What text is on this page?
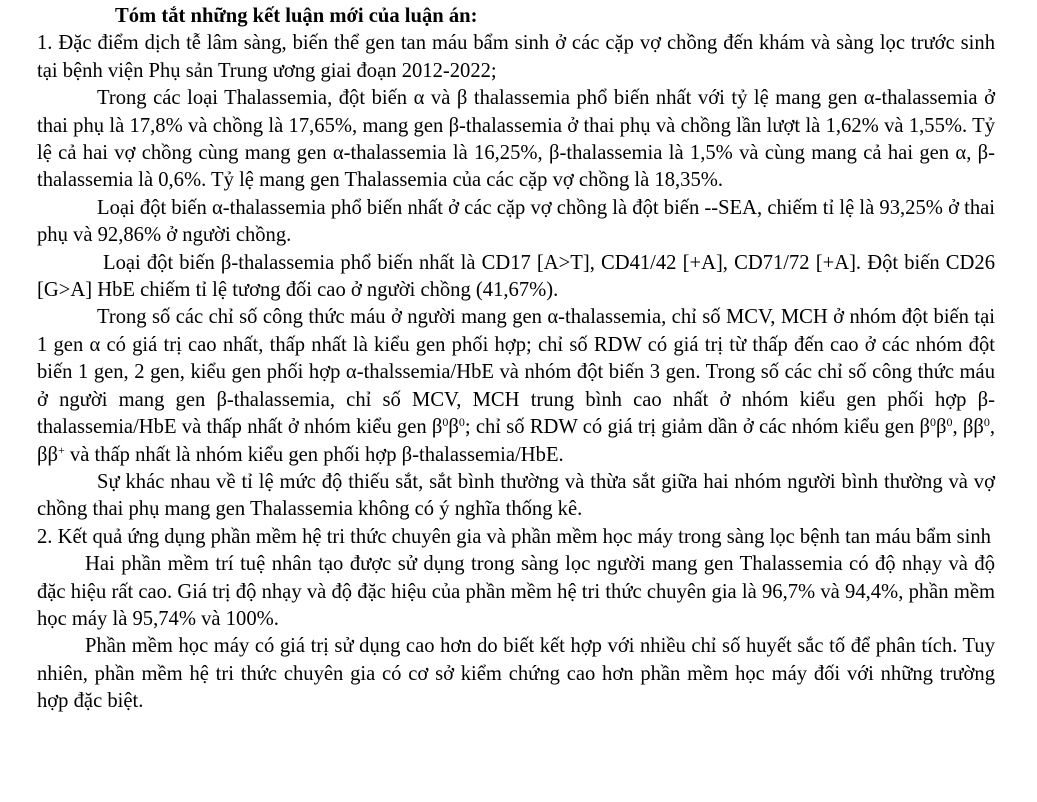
Tóm tắt những kết luận mới của luận án:

1. Đặc điểm dịch tễ lâm sàng, biến thể gen tan máu bẩm sinh ở các cặp vợ chồng đến khám và sàng lọc trước sinh tại bệnh viện Phụ sản Trung ương giai đoạn 2012-2022;

Trong các loại Thalassemia, đột biến α và β thalassemia phổ biến nhất với tỷ lệ mang gen α-thalassemia ở thai phụ là 17,8% và chồng là 17,65%, mang gen β-thalassemia ở thai phụ và chồng lần lượt là 1,62% và 1,55%. Tỷ lệ cả hai vợ chồng cùng mang gen α-thalassemia là 16,25%, β-thalassemia là 1,5% và cùng mang cả hai gen α, β-thalassemia là 0,6%. Tỷ lệ mang gen Thalassemia của các cặp vợ chồng là 18,35%.

Loại đột biến α-thalassemia phổ biến nhất ở các cặp vợ chồng là đột biến --SEA, chiếm tỉ lệ là 93,25% ở thai phụ và 92,86% ở người chồng.

Loại đột biến β-thalassemia phổ biến nhất là CD17 [A>T], CD41/42 [+A], CD71/72 [+A]. Đột biến CD26 [G>A] HbE chiếm tỉ lệ tương đối cao ở người chồng (41,67%).

Trong số các chỉ số công thức máu ở người mang gen α-thalassemia, chỉ số MCV, MCH ở nhóm đột biến tại 1 gen α có giá trị cao nhất, thấp nhất là kiểu gen phối hợp; chỉ số RDW có giá trị từ thấp đến cao ở các nhóm đột biến 1 gen, 2 gen, kiểu gen phối hợp α-thalssemia/HbE và nhóm đột biến 3 gen. Trong số các chỉ số công thức máu ở người mang gen β-thalassemia, chỉ số MCV, MCH trung bình cao nhất ở nhóm kiểu gen phối hợp β-thalassemia/HbE và thấp nhất ở nhóm kiểu gen $\beta^0\beta^0$; chỉ số RDW có giá trị giảm dần ở các nhóm kiểu gen $\beta^0\beta^0$, $\beta\beta^0$, ββ+ và thấp nhất là nhóm kiểu gen phối hợp β-thalassemia/HbE.

Sự khác nhau về tỉ lệ mức độ thiếu sắt, sắt bình thường và thừa sắt giữa hai nhóm người bình thường và vợ chồng thai phụ mang gen Thalassemia không có ý nghĩa thống kê.

2. Kết quả ứng dụng phần mềm hệ tri thức chuyên gia và phần mềm học máy trong sàng lọc bệnh tan máu bẩm sinh

Hai phần mềm trí tuệ nhân tạo được sử dụng trong sàng lọc người mang gen Thalassemia có độ nhạy và độ đặc hiệu rất cao. Giá trị độ nhạy và độ đặc hiệu của phần mềm hệ tri thức chuyên gia là 96,7% và 94,4%, phần mềm học máy là 95,74% và 100%.

Phần mềm học máy có giá trị sử dụng cao hơn do biết kết hợp với nhiều chỉ số huyết sắc tố để phân tích. Tuy nhiên, phần mềm hệ tri thức chuyên gia có cơ sở kiểm chứng cao hơn phần mềm học máy đối với những trường hợp đặc biệt.
